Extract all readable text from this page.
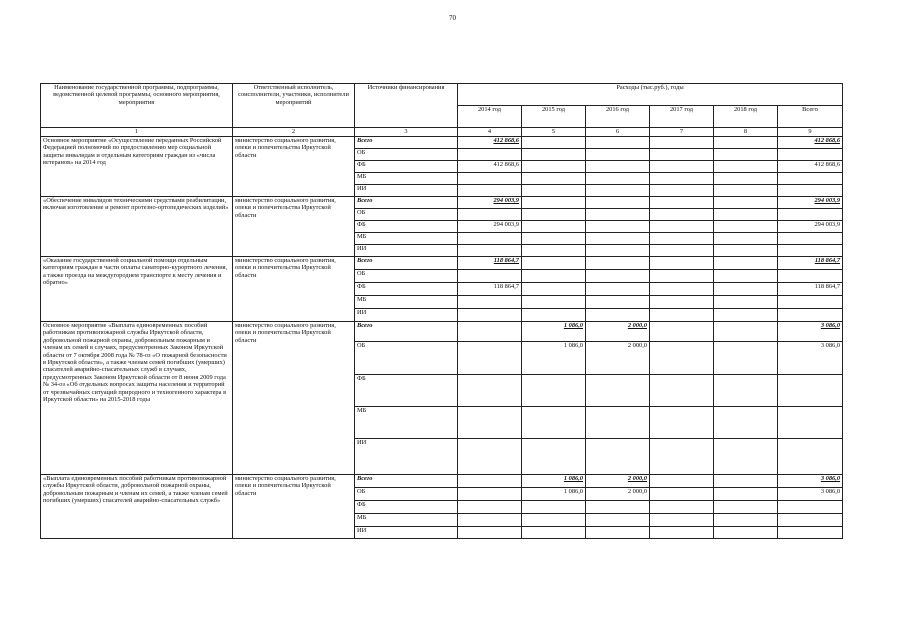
70
Наименование государственной программы, подпрограммы, ведомственной целевой программы, основного мероприятия, мероприятия	Ответственный исполнитель, соисполнители, участники, исполнители мероприятий	Источники финансирования	Расходы (тыс.руб.), годы					
			2014 год	2015 год	2016 год	2017 год	2018 год	Всего
1	2	3	4	5	6	7	8	9
Основное мероприятие «Осуществление переданных Российской Федерацией полномочий по предоставлению мер социальной защиты инвалидам и отдельным категориям граждан из «числа ветеранов» на 2014 год	министерство социального развития, опеки и попечительства Иркутской области	Всего	412 868,6					412 868,6
		ОБ						
		ФБ	412 868,6					412 868,6
		МБ						
		ИИ						
«Обеспечение инвалидов техническими средствами реабилитации, включая изготовление и ремонт протезно-ортопедических изделий»	министерство социального развития, опеки и попечительства Иркутской области	Всего	294 003,9					294 003,9
		ОБ						
		ФБ	294 003,9					294 003,9
		МБ						
		ИИ						
«Оказание государственной социальной помощи отдельным категориям граждан в части оплаты санаторно-курортного лечения, а также проезда на междугороднем транспорте к месту лечения и обратно»	министерство социального развития, опеки и попечительства Иркутской области	Всего	118 864,7					118 864,7
		ОБ						
		ФБ	118 864,7					118 864,7
		МБ						
		ИИ						
Основное мероприятие «Выплата единовременных пособий работникам противопожарной службы Иркутской области, добровольной пожарной охраны, добровольным пожарным и членам их семей в случаях, предусмотренных Законом Иркутской области от 7 октября 2008 года № 78-оз «О пожарной безопасности в Иркутской области», а также членам семей погибших (умерших) спасателей аварийно-спасательных служб в случаях, предусмотренных Законом Иркутской области от 8 июня 2009 года № 34-оз «Об отдельных вопросах защиты населения и территорий от чрезвычайных ситуаций природного и техногенного характера в Иркутской области» на 2015-2018 годы	министерство социального развития, опеки и попечительства Иркутской области	Всего		1 086,0	2 000,0			3 086,0
		ОБ		1 086,0	2 000,0			3 086,0
		ФБ						
		МБ						
		ИИ						
«Выплата единовременных пособий работникам противопожарной службы Иркутской области, добровольной пожарной охраны, добровольным пожарным и членам их семей, а также членам семей погибших (умерших) спасателей аварийно-спасательных служб»	министерство социального развития, опеки и попечительства Иркутской области	Всего		1 086,0	2 000,0			3 086,0
		ОБ		1 086,0	2 000,0			3 086,0
		ФБ						
		МБ						
		ИИ						
